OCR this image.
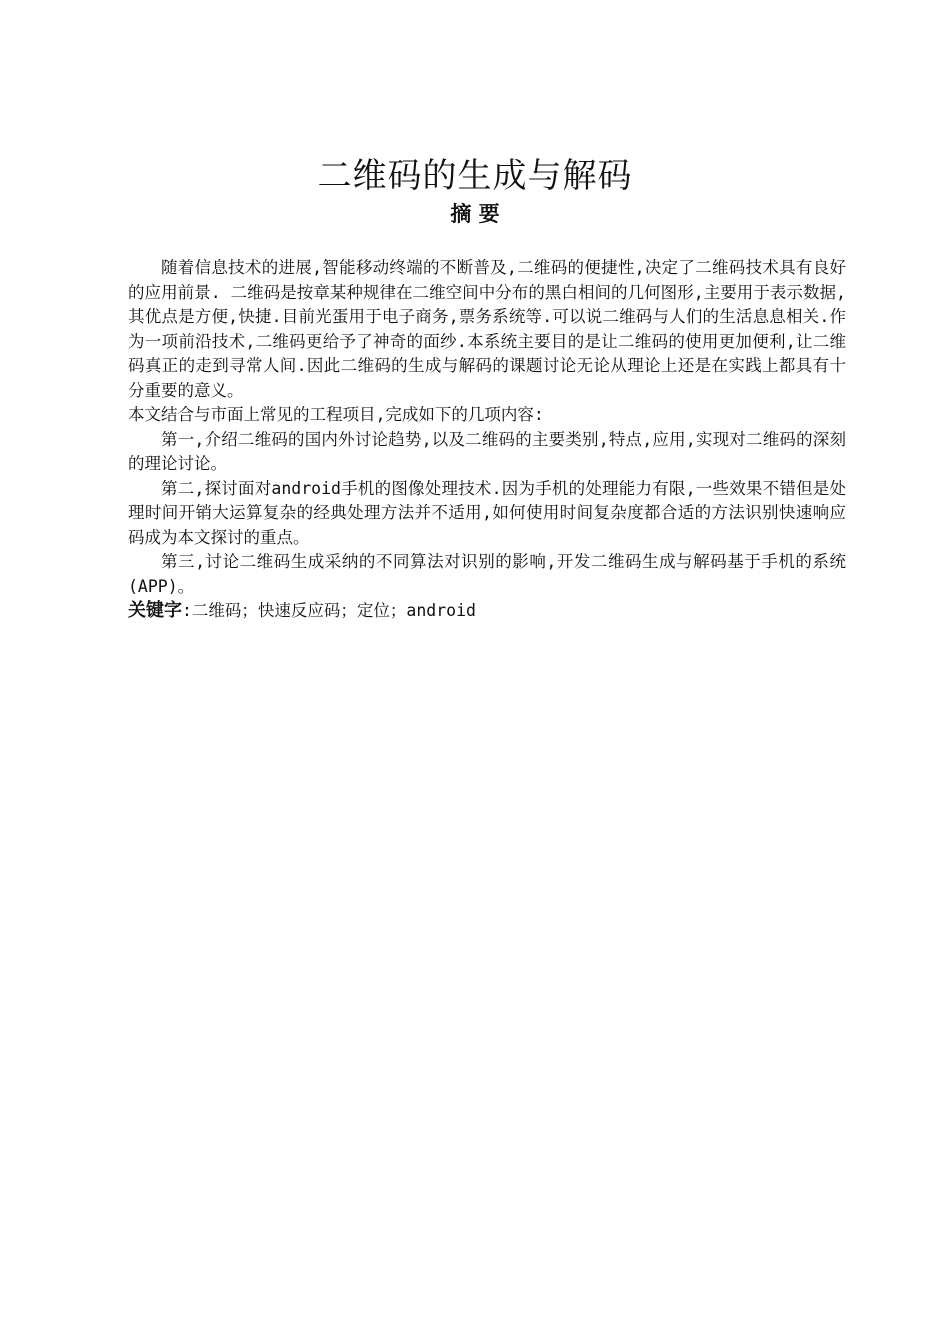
二维码的生成与解码
摘 要

随着信息技术的进展,智能移动终端的不断普及,二维码的便捷性,决定了二维码技术具有良好的应用前景. 二维码是按章某种规律在二维空间中分布的黑白相间的几何图形,主要用于表示数据,其优点是方便,快捷.目前光蛋用于电子商务,票务系统等.可以说二维码与人们的生活息息相关.作为一项前沿技术,二维码更给予了神奇的面纱.本系统主要目的是让二维码的使用更加便利,让二维码真正的走到寻常人间.因此二维码的生成与解码的课题讨论无论从理论上还是在实践上都具有十分重要的意义。

本文结合与市面上常见的工程项目,完成如下的几项内容:

第一,介绍二维码的国内外讨论趋势,以及二维码的主要类别,特点,应用,实现对二维码的深刻的理论讨论。

第二,探讨面对android手机的图像处理技术.因为手机的处理能力有限,一些效果不错但是处理时间开销大运算复杂的经典处理方法并不适用,如何使用时间复杂度都合适的方法识别快速响应码成为本文探讨的重点。

第三,讨论二维码生成采纳的不同算法对识别的影响,开发二维码生成与解码基于手机的系统(APP)。

关键字:二维码；快速反应码；定位；android
